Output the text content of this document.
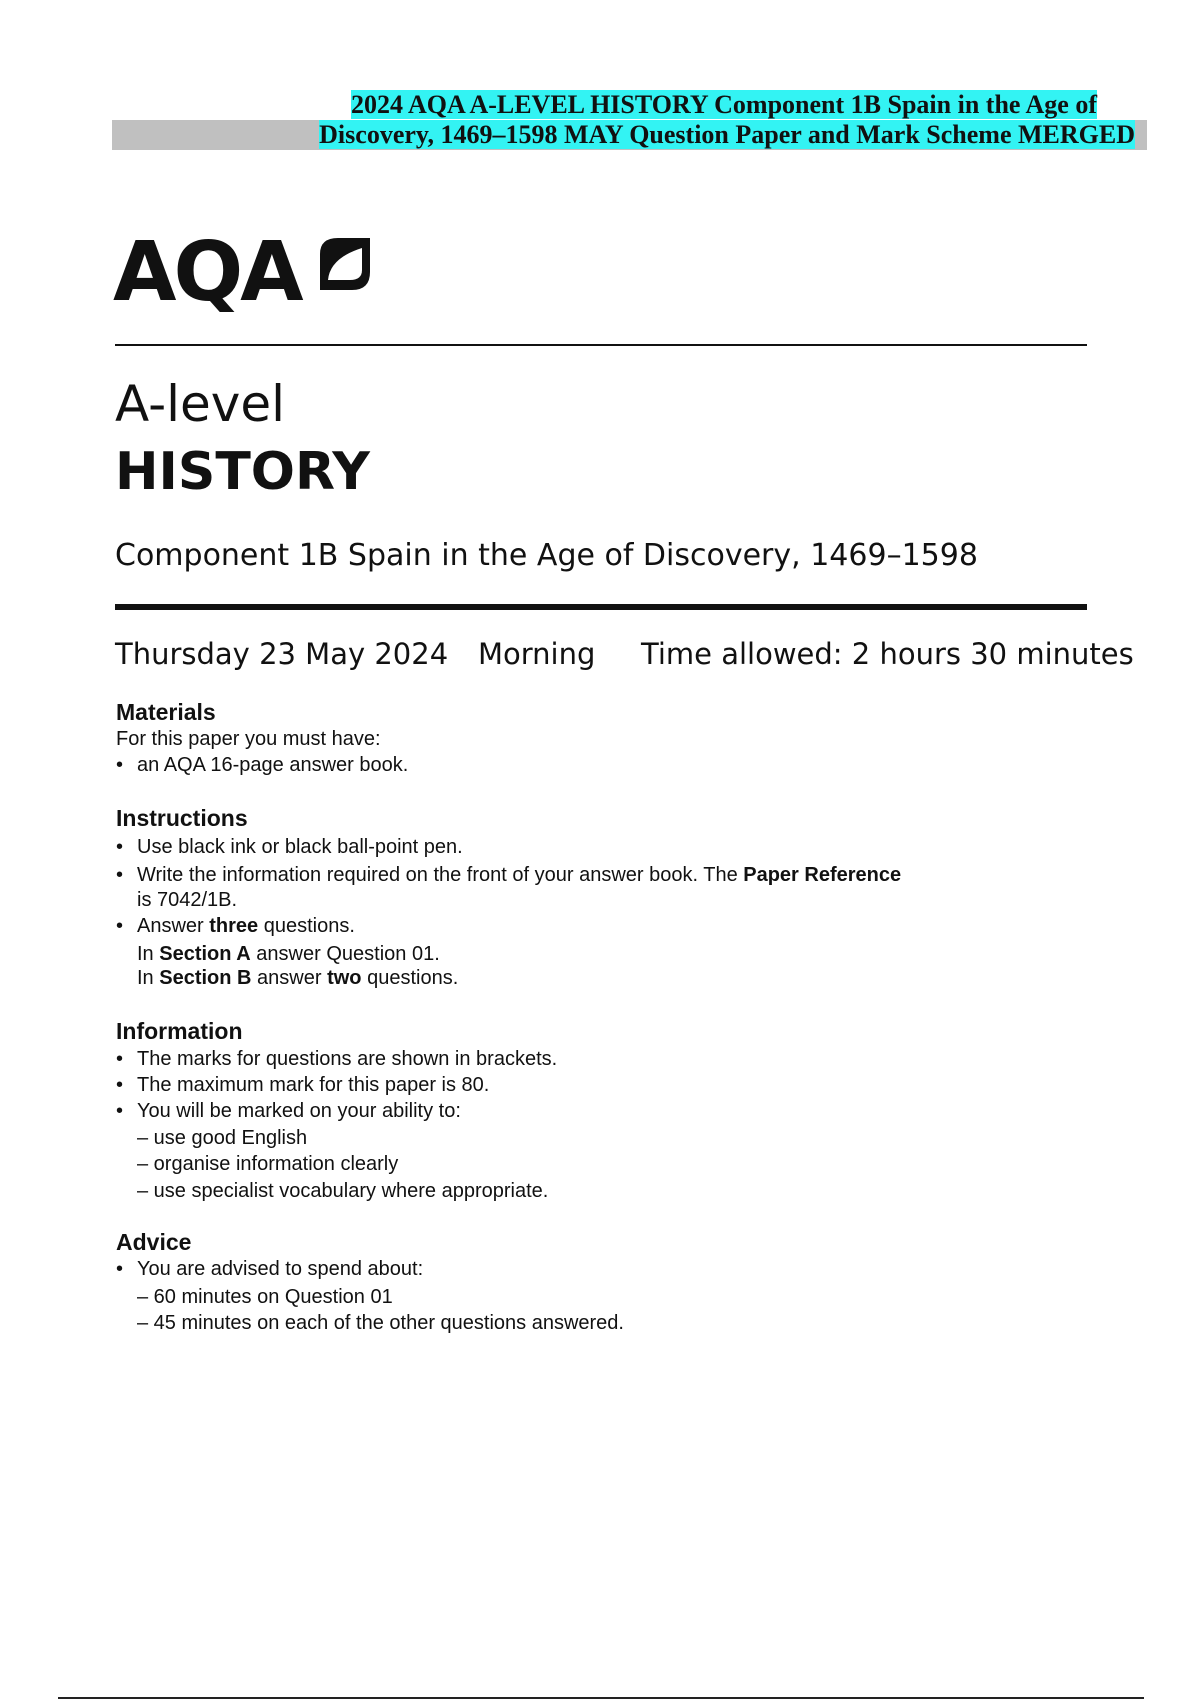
2024 AQA A-LEVEL HISTORY Component 1B Spain in the Age of
Discovery, 1469–1598 MAY Question Paper and Mark Scheme MERGED
AQA
A-level
HISTORY
Component 1B Spain in the Age of Discovery, 1469–1598
Thursday 23 May 2024 Morning Time allowed: 2 hours 30 minutes
Materials
For this paper you must have:
• an AQA 16-page answer book.
Instructions
• Use black ink or black ball-point pen.
• Write the information required on the front of your answer book. The Paper Reference
is 7042/1B.
• Answer three questions.
In Section A answer Question 01.
In Section B answer two questions.
Information
• The marks for questions are shown in brackets.
• The maximum mark for this paper is 80.
• You will be marked on your ability to:
– use good English
– organise information clearly
– use specialist vocabulary where appropriate.
Advice
• You are advised to spend about:
– 60 minutes on Question 01
– 45 minutes on each of the other questions answered.
